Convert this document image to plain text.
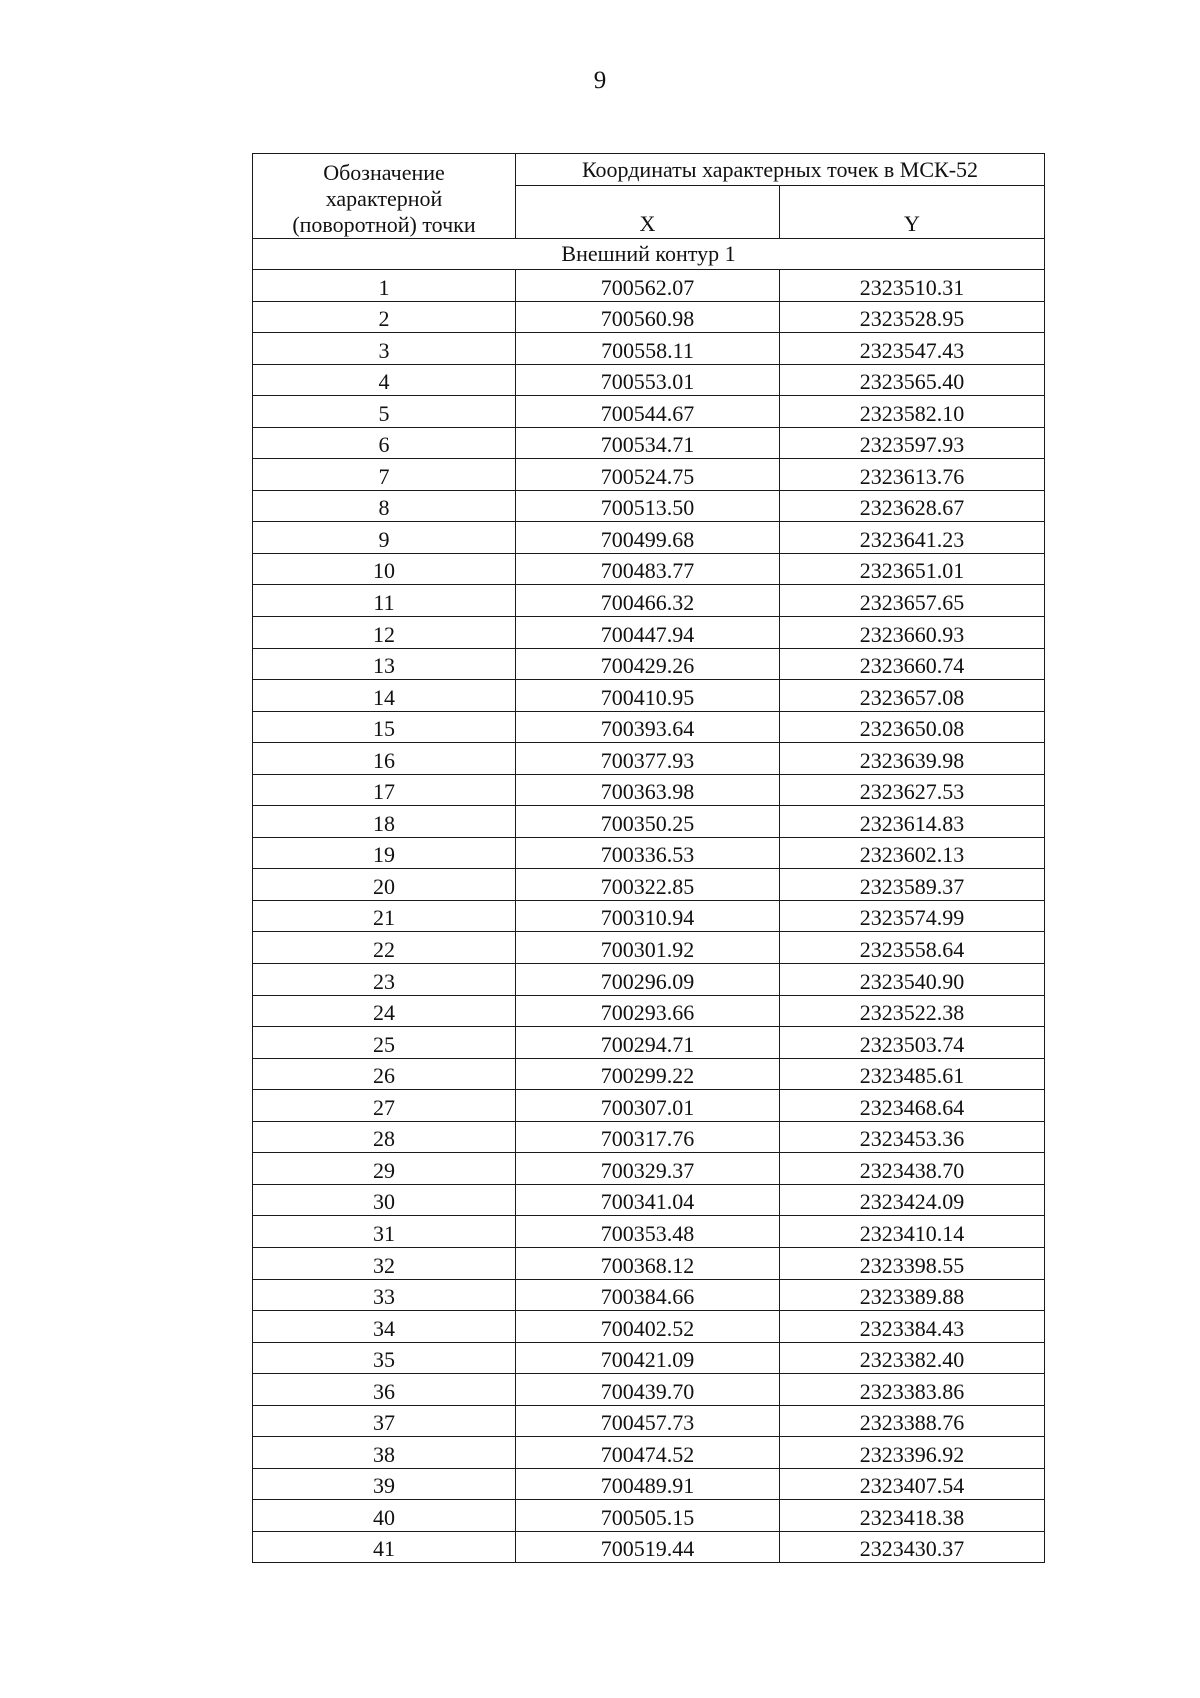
9
Обозначение
характерной
(поворотной) точки	Координаты характерных точек в МСК-52	
	X	Y
Внешний контур 1		
1	700562.07	2323510.31
2	700560.98	2323528.95
3	700558.11	2323547.43
4	700553.01	2323565.40
5	700544.67	2323582.10
6	700534.71	2323597.93
7	700524.75	2323613.76
8	700513.50	2323628.67
9	700499.68	2323641.23
10	700483.77	2323651.01
11	700466.32	2323657.65
12	700447.94	2323660.93
13	700429.26	2323660.74
14	700410.95	2323657.08
15	700393.64	2323650.08
16	700377.93	2323639.98
17	700363.98	2323627.53
18	700350.25	2323614.83
19	700336.53	2323602.13
20	700322.85	2323589.37
21	700310.94	2323574.99
22	700301.92	2323558.64
23	700296.09	2323540.90
24	700293.66	2323522.38
25	700294.71	2323503.74
26	700299.22	2323485.61
27	700307.01	2323468.64
28	700317.76	2323453.36
29	700329.37	2323438.70
30	700341.04	2323424.09
31	700353.48	2323410.14
32	700368.12	2323398.55
33	700384.66	2323389.88
34	700402.52	2323384.43
35	700421.09	2323382.40
36	700439.70	2323383.86
37	700457.73	2323388.76
38	700474.52	2323396.92
39	700489.91	2323407.54
40	700505.15	2323418.38
41	700519.44	2323430.37
